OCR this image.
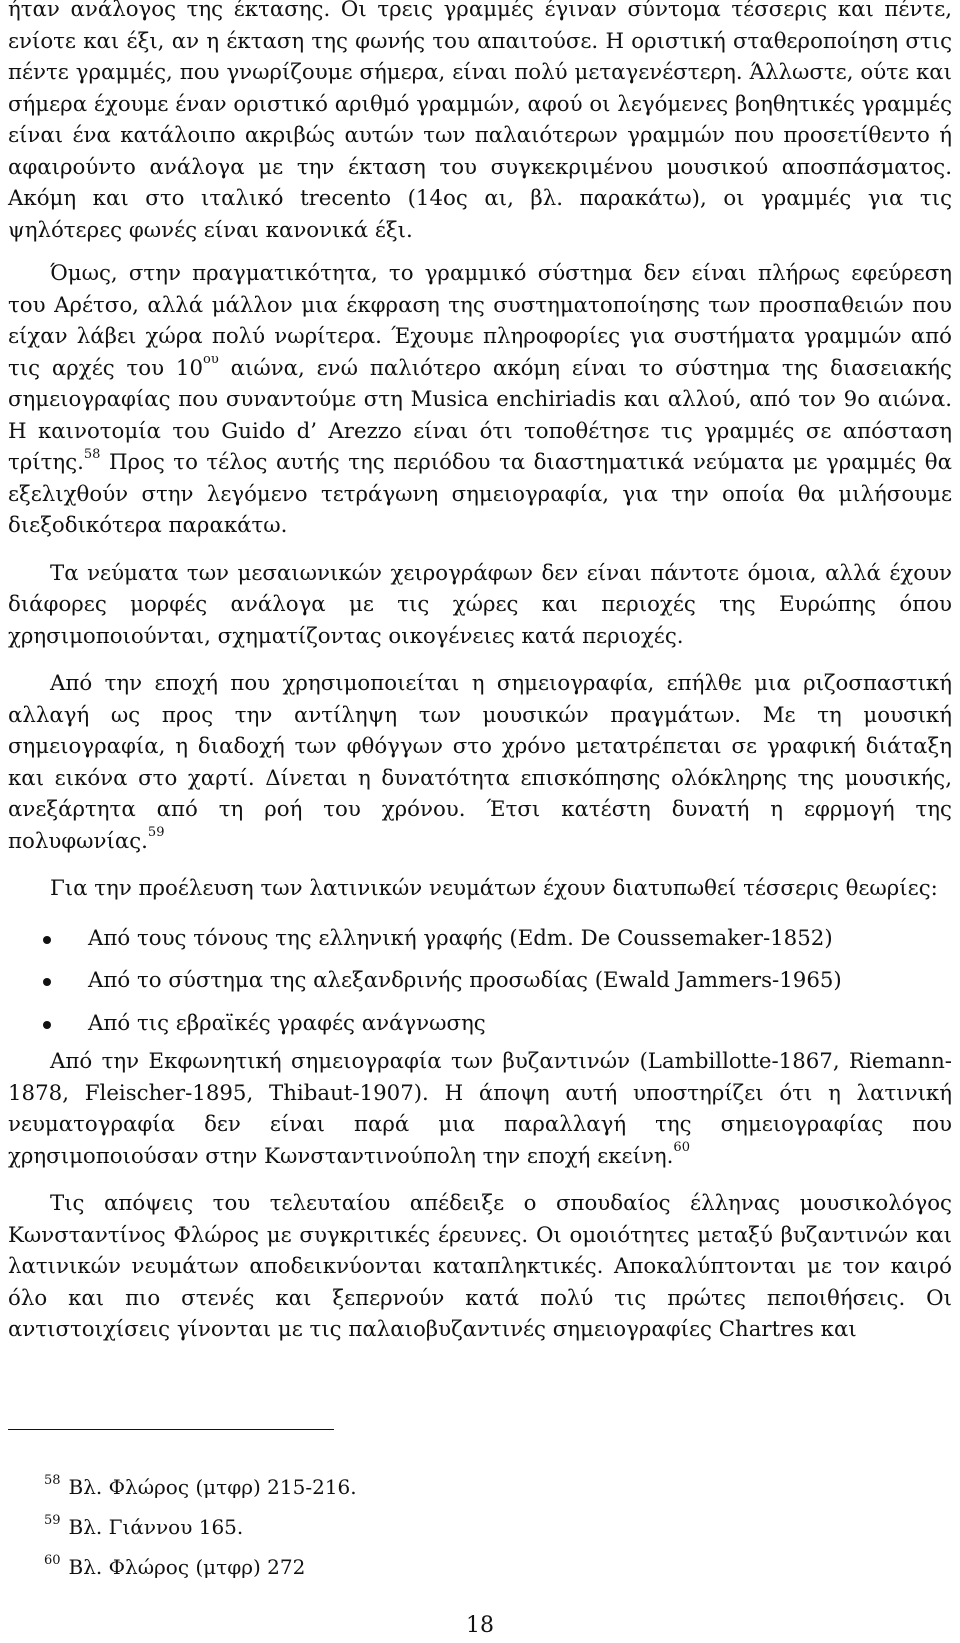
ήταν ανάλογος της έκτασης. Οι τρεις γραμμές έγιναν σύντομα τέσσερις και πέντε, ενίοτε και έξι, αν η έκταση της φωνής του απαιτούσε. Η οριστική σταθεροποίηση στις πέντε γραμμές, που γνωρίζουμε σήμερα, είναι πολύ μεταγενέστερη. Άλλωστε, ούτε και σήμερα έχουμε έναν οριστικό αριθμό γραμμών, αφού οι λεγόμενες βοηθητικές γραμμές είναι ένα κατάλοιπο ακριβώς αυτών των παλαιότερων γραμμών που προσετίθεντο ή αφαιρούντο ανάλογα με την έκταση του συγκεκριμένου μουσικού αποσπάσματος. Ακόμη και στο ιταλικό trecento (14ος αι, βλ. παρακάτω), οι γραμμές για τις ψηλότερες φωνές είναι κανονικά έξι.

Όμως, στην πραγματικότητα, το γραμμικό σύστημα δεν είναι πλήρως εφεύρεση του Αρέτσο, αλλά μάλλον μια έκφραση της συστηματοποίησης των προσπαθειών που είχαν λάβει χώρα πολύ νωρίτερα. Έχουμε πληροφορίες για συστήματα γραμμών από τις αρχές του $10^{o\upsilon}$ αιώνα, ενώ παλιότερο ακόμη είναι το σύστημα της διασειακής σημειογραφίας που συναντούμε στη Musica enchiriadis και αλλού, από τον 9ο αιώνα. Η καινοτομία του Guido d’ Arezzo είναι ότι τοποθέτησε τις γραμμές σε απόσταση τρίτης.$^{58}$ Προς το τέλος αυτής της περιόδου τα διαστηματικά νεύματα με γραμμές θα εξελιχθούν στην λεγόμενο τετράγωνη σημειογραφία, για την οποία θα μιλήσουμε διεξοδικότερα παρακάτω.

Τα νεύματα των μεσαιωνικών χειρογράφων δεν είναι πάντοτε όμοια, αλλά έχουν διάφορες μορφές ανάλογα με τις χώρες και περιοχές της Ευρώπης όπου χρησιμοποιούνται, σχηματίζοντας οικογένειες κατά περιοχές.

Από την εποχή που χρησιμοποιείται η σημειογραφία, επήλθε μια ριζοσπαστική αλλαγή ως προς την αντίληψη των μουσικών πραγμάτων. Με τη μουσική σημειογραφία, η διαδοχή των φθόγγων στο χρόνο μετατρέπεται σε γραφική διάταξη και εικόνα στο χαρτί. Δίνεται η δυνατότητα επισκόπησης ολόκληρης της μουσικής, ανεξάρτητα από τη ροή του χρόνου. Έτσι κατέστη δυνατή η εφρμογή της πολυφωνίας.$^{59}$

Για την προέλευση των λατινικών νευμάτων έχουν διατυπωθεί τέσσερις θεωρίες:

Από τους τόνους της ελληνική γραφής (Edm. De Coussemaker-1852)
Από το σύστημα της αλεξανδρινής προσωδίας (Ewald Jammers-1965)
Από τις εβραϊκές γραφές ανάγνωσης

Από την Εκφωνητική σημειογραφία των βυζαντινών (Lambillotte-1867, Riemann-1878, Fleischer-1895, Thibaut-1907). Η άποψη αυτή υποστηρίζει ότι η λατινική νευματογραφία δεν είναι παρά μια παραλλαγή της σημειογραφίας που χρησιμοποιούσαν στην Κωνσταντινούπολη την εποχή εκείνη.$^{60}$

Τις απόψεις του τελευταίου απέδειξε ο σπουδαίος έλληνας μουσικολόγος Κωνσταντίνος Φλώρος με συγκριτικές έρευνες. Οι ομοιότητες μεταξύ βυζαντινών και λατινικών νευμάτων αποδεικνύονται καταπληκτικές. Αποκαλύπτονται με τον καιρό όλο και πιο στενές και ξεπερνούν κατά πολύ τις πρώτες πεποιθήσεις. Οι αντιστοιχίσεις γίνονται με τις παλαιοβυζαντινές σημειογραφίες Chartres και

$^{58}$ Βλ. Φλώρος (μτφρ) 215-216.
$^{59}$ Βλ. Γιάννου 165.
$^{60}$ Βλ. Φλώρος (μτφρ) 272
18
